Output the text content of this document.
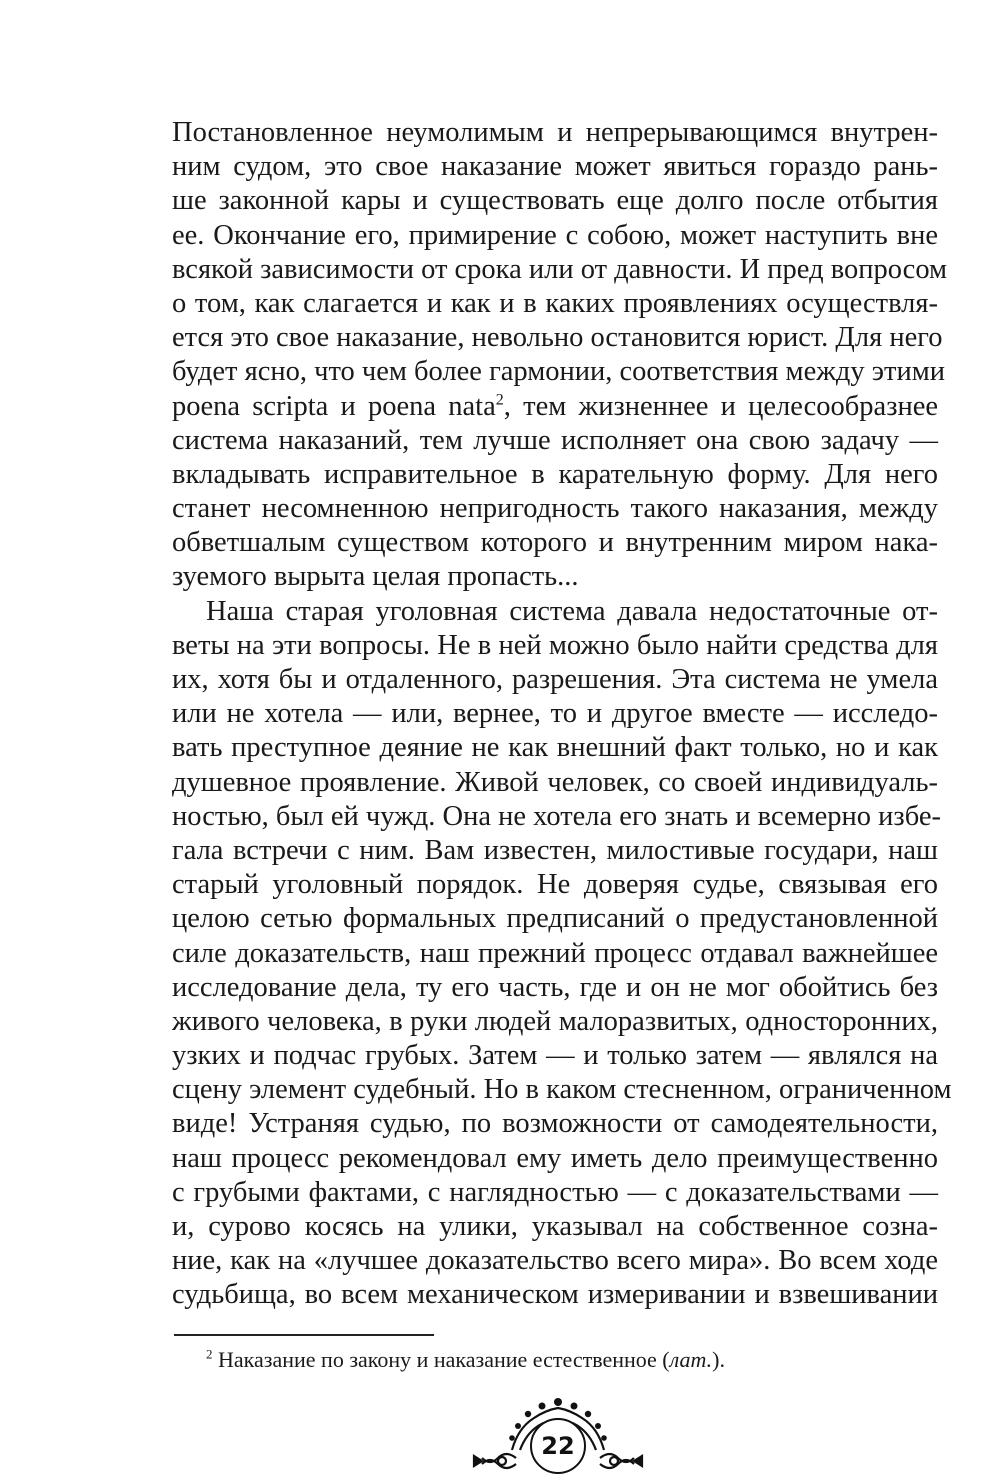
Постановленное неумолимым и непрерывающимся внутрен-
ним судом, это свое наказание может явиться гораздо рань-
ше законной кары и существовать еще долго после отбытия
ее. Окончание его, примирение с собою, может наступить вне
всякой зависимости от срока или от давности. И пред вопросом
о том, как слагается и как и в каких проявлениях осуществля-
ется это свое наказание, невольно остановится юрист. Для него
будет ясно, что чем более гармонии, соответствия между этими
poena scripta и poena nata$^2$, тем жизненнее и целесообразнее
система наказаний, тем лучше исполняет она свою задачу —
вкладывать исправительное в карательную форму. Для него
станет несомненною непригодность такого наказания, между
обветшалым существом которого и внутренним миром нака-
зуемого вырыта целая пропасть...
Наша старая уголовная система давала недостаточные от-
веты на эти вопросы. Не в ней можно было найти средства для
их, хотя бы и отдаленного, разрешения. Эта система не умела
или не хотела — или, вернее, то и другое вместе — исследо-
вать преступное деяние не как внешний факт только, но и как
душевное проявление. Живой человек, со своей индивидуаль-
ностью, был ей чужд. Она не хотела его знать и всемерно избе-
гала встречи с ним. Вам известен, милостивые государи, наш
старый уголовный порядок. Не доверяя судье, связывая его
целою сетью формальных предписаний о предустановленной
силе доказательств, наш прежний процесс отдавал важнейшее
исследование дела, ту его часть, где и он не мог обойтись без
живого человека, в руки людей малоразвитых, односторонних,
узких и подчас грубых. Затем — и только затем — являлся на
сцену элемент судебный. Но в каком стесненном, ограниченном
виде! Устраняя судью, по возможности от самодеятельности,
наш процесс рекомендовал ему иметь дело преимущественно
с грубыми фактами, с наглядностью — с доказательствами —
и, сурово косясь на улики, указывал на собственное созна-
ние, как на «лучшее доказательство всего мира». Во всем ходе
судьбища, во всем механическом измеривании и взвешивании
$^2$ Наказание по закону и наказание естественное (лат.).
22
